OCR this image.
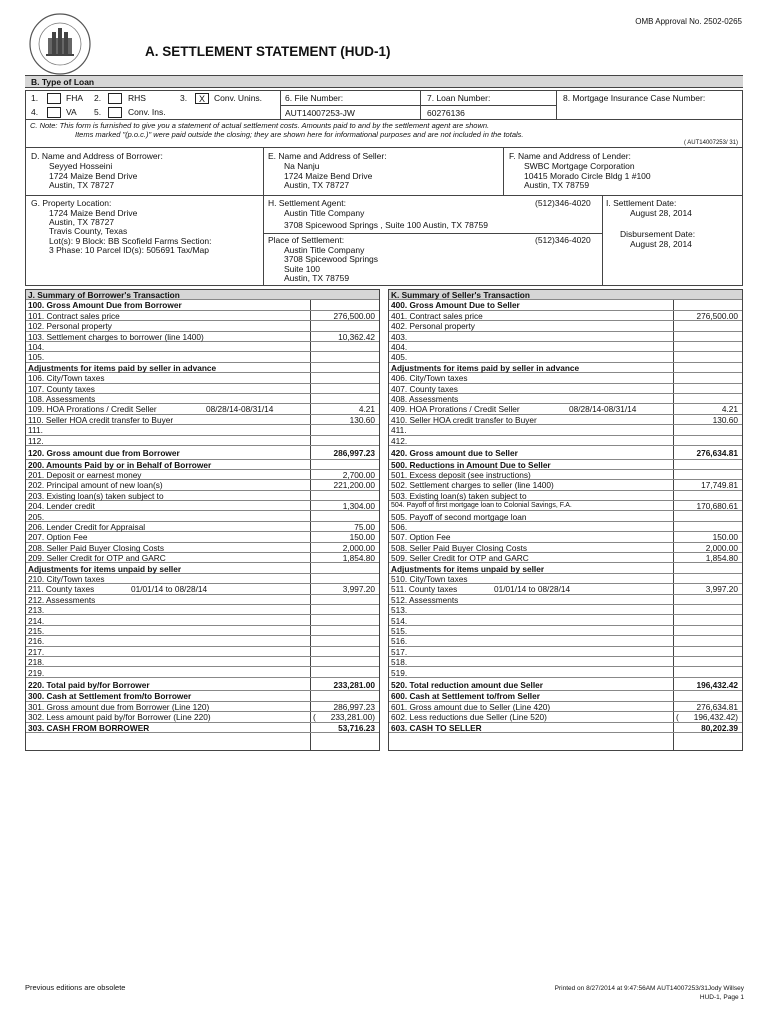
OMB Approval No. 2502-0265
A. SETTLEMENT STATEMENT (HUD-1)
B. Type of Loan
1.	FHA 2.	RHS	3.	X	Conv. Unins.
4.	VA 5.	Conv. Ins.
6. File Number:
AUT14007253-JW
7. Loan Number:
60276136
8. Mortgage Insurance Case Number:
C. Note: This form is furnished to give you a statement of actual settlement costs. Amounts paid to and by the settlement agent are shown.
Items marked "(p.o.c.)" were paid outside the closing; they are shown here for informational purposes and are not included in the totals.
( AUT14007253/ 31)
D. Name and Address of Borrower:
Seyyed Hosseini
1724 Maize Bend Drive
Austin, TX 78727
E. Name and Address of Seller:
Na Nanju
1724 Maize Bend Drive
Austin, TX 78727
F. Name and Address of Lender:
SWBC Mortgage Corporation
10415 Morado Circle Bldg 1 #100
Austin, TX 78759
G. Property Location:
1724 Maize Bend Drive
Austin, TX 78727
Travis County, Texas
Lot(s): 9 Block: BB Scofield Farms Section:
3 Phase: 10 Parcel ID(s): 505691 Tax/Map
H. Settlement Agent:	(512)346-4020
Austin Title Company
3708 Spicewood Springs , Suite 100 Austin, TX 78759
Place of Settlement:	(512)346-4020
Austin Title Company
3708 Spicewood Springs
Suite 100
Austin, TX 78759
I. Settlement Date:
August 28, 2014
Disbursement Date:
August 28, 2014
J. Summary of Borrower's Transaction
100. Gross Amount Due from Borrower
101. Contract sales price	276,500.00
102. Personal property
103. Settlement charges to borrower (line 1400)	10,362.42
104.
105.
Adjustments for items paid by seller in advance
106. City/Town taxes
107. County taxes
108. Assessments
109. HOA Prorations / Credit Seller	08/28/14-08/31/14	4.21
110. Seller HOA credit transfer to Buyer	130.60
111.
112.
120. Gross amount due from Borrower	286,997.23
200. Amounts Paid by or in Behalf of Borrower
201. Deposit or earnest money	2,700.00
202. Principal amount of new loan(s)	221,200.00
203. Existing loan(s) taken subject to
204. Lender credit	1,304.00
205.
206. Lender Credit for Appraisal	75.00
207. Option Fee	150.00
208. Seller Paid Buyer Closing Costs	2,000.00
209. Seller Credit for OTP and GARC	1,854.80
Adjustments for items unpaid by seller
210. City/Town taxes
211. County taxes	01/01/14 to 08/28/14	3,997.20
212. Assessments
213.
214.
215.
216.
217.
218.
219.
220. Total paid by/for Borrower	233,281.00
300. Cash at Settlement from/to Borrower
301. Gross amount due from Borrower (Line 120)	286,997.23
302. Less amount paid by/for Borrower (Line 220)	( 233,281.00)
303. CASH FROM BORROWER	53,716.23
K. Summary of Seller's Transaction
400. Gross Amount Due to Seller
401. Contract sales price	276,500.00
402. Personal property
403.
404.
405.
Adjustments for items paid by seller in advance
406. City/Town taxes
407. County taxes
408. Assessments
409. HOA Prorations / Credit Seller	08/28/14-08/31/14	4.21
410. Seller HOA credit transfer to Buyer	130.60
411.
412.
420. Gross amount due to Seller	276,634.81
500. Reductions in Amount Due to Seller
501. Excess deposit (see instructions)
502. Settlement charges to seller (line 1400)	17,749.81
503. Existing loan(s) taken subject to
504. Payoff of first mortgage loan to Colonial Savings, F.A.	170,680.61
505. Payoff of second mortgage loan
506.
507. Option Fee	150.00
508. Seller Paid Buyer Closing Costs	2,000.00
509. Seller Credit for OTP and GARC	1,854.80
Adjustments for items unpaid by seller
510. City/Town taxes
511. County taxes	01/01/14 to 08/28/14	3,997.20
512. Assessments
513.
514.
515.
516.
517.
518.
519.
520. Total reduction amount due Seller	196,432.42
600. Cash at Settlement to/from Seller
601. Gross amount due to Seller (Line 420)	276,634.81
602. Less reductions due Seller (Line 520)	( 196,432.42)
603. CASH TO SELLER	80,202.39
Previous editions are obsolete	Printed on 8/27/2014 at 9:47:56AM AUT14007253/31Jody Willsey
HUD-1, Page 1
